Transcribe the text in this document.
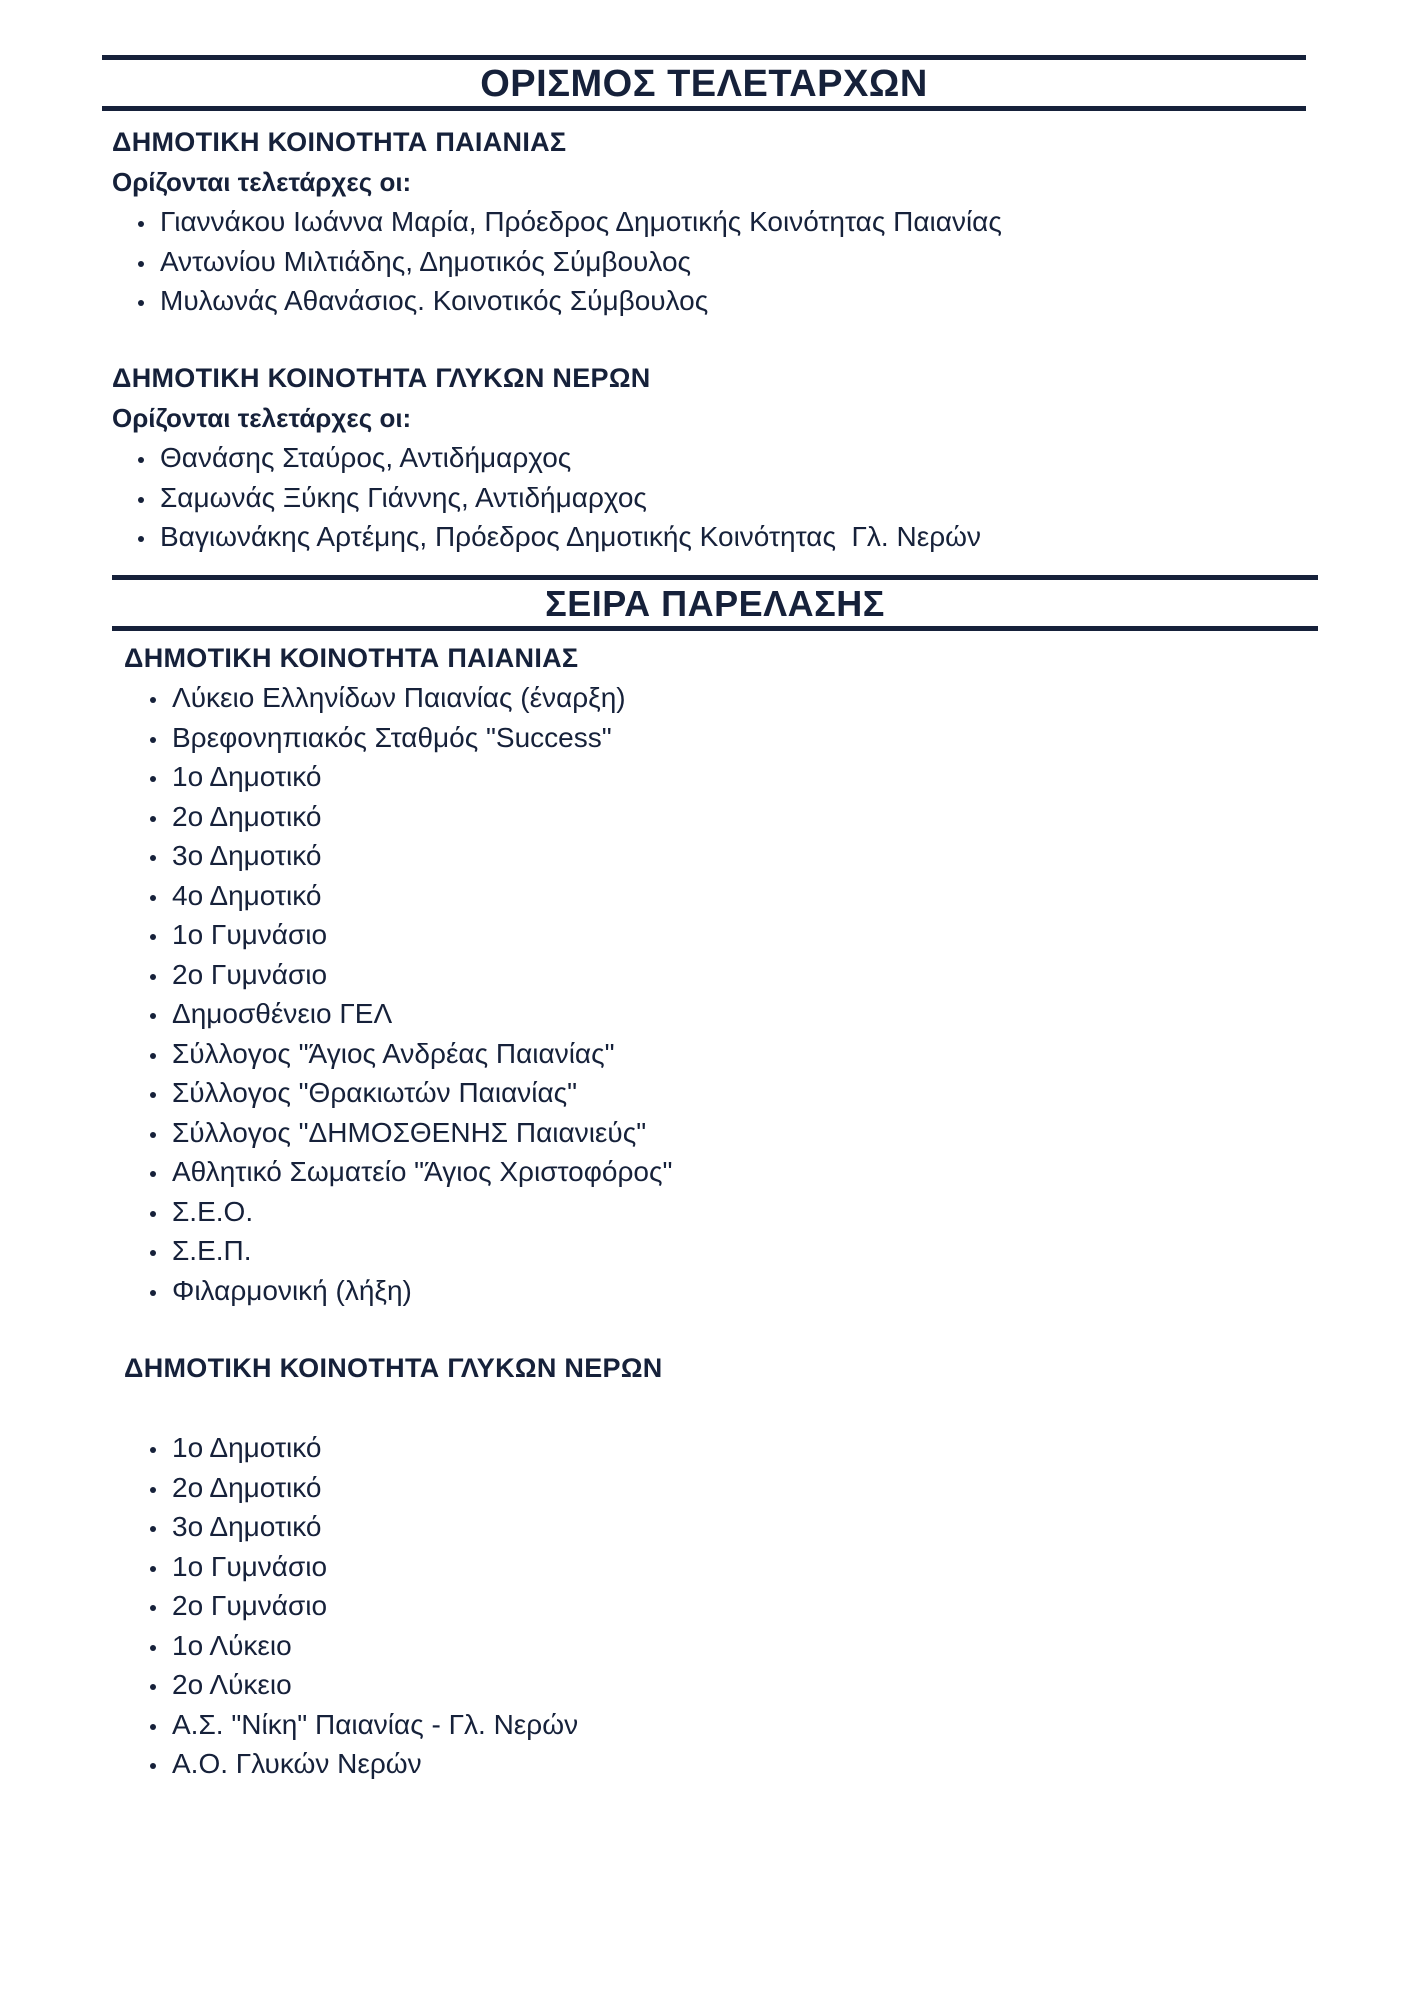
ΟΡΙΣΜΟΣ ΤΕΛΕΤΑΡΧΩΝ
ΔΗΜΟΤΙΚΗ ΚΟΙΝΟΤΗΤΑ ΠΑΙΑΝΙΑΣ
Ορίζονται τελετάρχες οι:
Γιαννάκου Ιωάννα Μαρία, Πρόεδρος Δημοτικής Κοινότητας Παιανίας
Αντωνίου Μιλτιάδης, Δημοτικός Σύμβουλος
Μυλωνάς Αθανάσιος. Κοινοτικός Σύμβουλος
ΔΗΜΟΤΙΚΗ ΚΟΙΝΟΤΗΤΑ ΓΛΥΚΩΝ ΝΕΡΩΝ
Ορίζονται τελετάρχες οι:
Θανάσης Σταύρος, Αντιδήμαρχος
Σαμωνάς Ξύκης Γιάννης, Αντιδήμαρχος
Βαγιωνάκης Αρτέμης, Πρόεδρος Δημοτικής Κοινότητας  Γλ. Νερών
ΣΕΙΡΑ ΠΑΡΕΛΑΣΗΣ
ΔΗΜΟΤΙΚΗ ΚΟΙΝΟΤΗΤΑ ΠΑΙΑΝΙΑΣ
Λύκειο Ελληνίδων Παιανίας (έναρξη)
Βρεφονηπιακός Σταθμός "Success"
1ο Δημοτικό
2ο Δημοτικό
3ο Δημοτικό
4ο Δημοτικό
1ο Γυμνάσιο
2ο Γυμνάσιο
Δημοσθένειο ΓΕΛ
Σύλλογος "Άγιος Ανδρέας Παιανίας"
Σύλλογος "Θρακιωτών Παιανίας"
Σύλλογος "ΔΗΜΟΣΘΕΝΗΣ Παιανιεύς"
Αθλητικό Σωματείο "Άγιος Χριστοφόρος"
Σ.Ε.Ο.
Σ.Ε.Π.
Φιλαρμονική (λήξη)
ΔΗΜΟΤΙΚΗ ΚΟΙΝΟΤΗΤΑ ΓΛΥΚΩΝ ΝΕΡΩΝ
1ο Δημοτικό
2ο Δημοτικό
3ο Δημοτικό
1ο Γυμνάσιο
2ο Γυμνάσιο
1ο Λύκειο
2ο Λύκειο
Α.Σ. "Νίκη" Παιανίας - Γλ. Νερών
Α.Ο. Γλυκών Νερών
